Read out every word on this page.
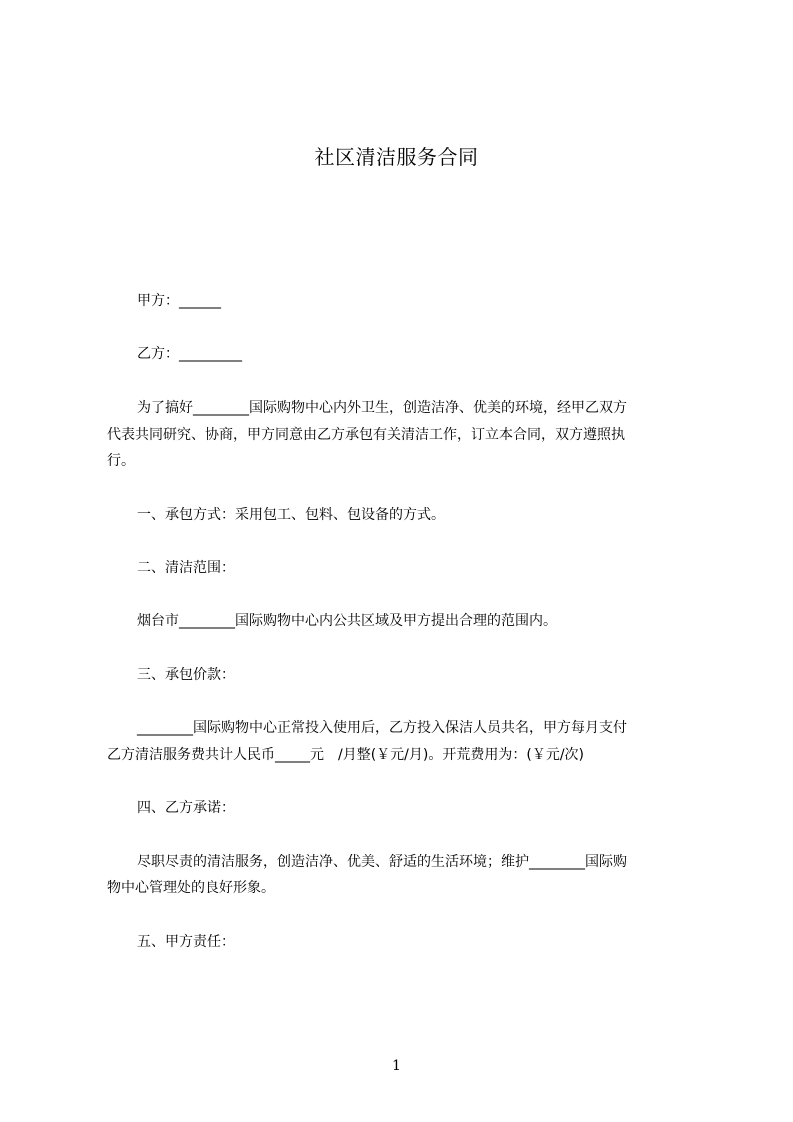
社区清洁服务合同
甲方：______
乙方：_________
为了搞好________国际购物中心内外卫生，创造洁净、优美的环境，经甲乙双方
代表共同研究、协商，甲方同意由乙方承包有关清洁工作，订立本合同，双方遵照执
行。
一、承包方式：采用包工、包料、包设备的方式。
二、清洁范围：
烟台市________国际购物中心内公共区域及甲方提出合理的范围内。
三、承包价款：
________国际购物中心正常投入使用后，乙方投入保洁人员共名，甲方每月支付
乙方清洁服务费共计人民币_____元　/月整(￥元/月)。开荒费用为：(￥元/次)
四、乙方承诺：
尽职尽责的清洁服务，创造洁净、优美、舒适的生活环境；维护________国际购
物中心管理处的良好形象。
五、甲方责任：
1
